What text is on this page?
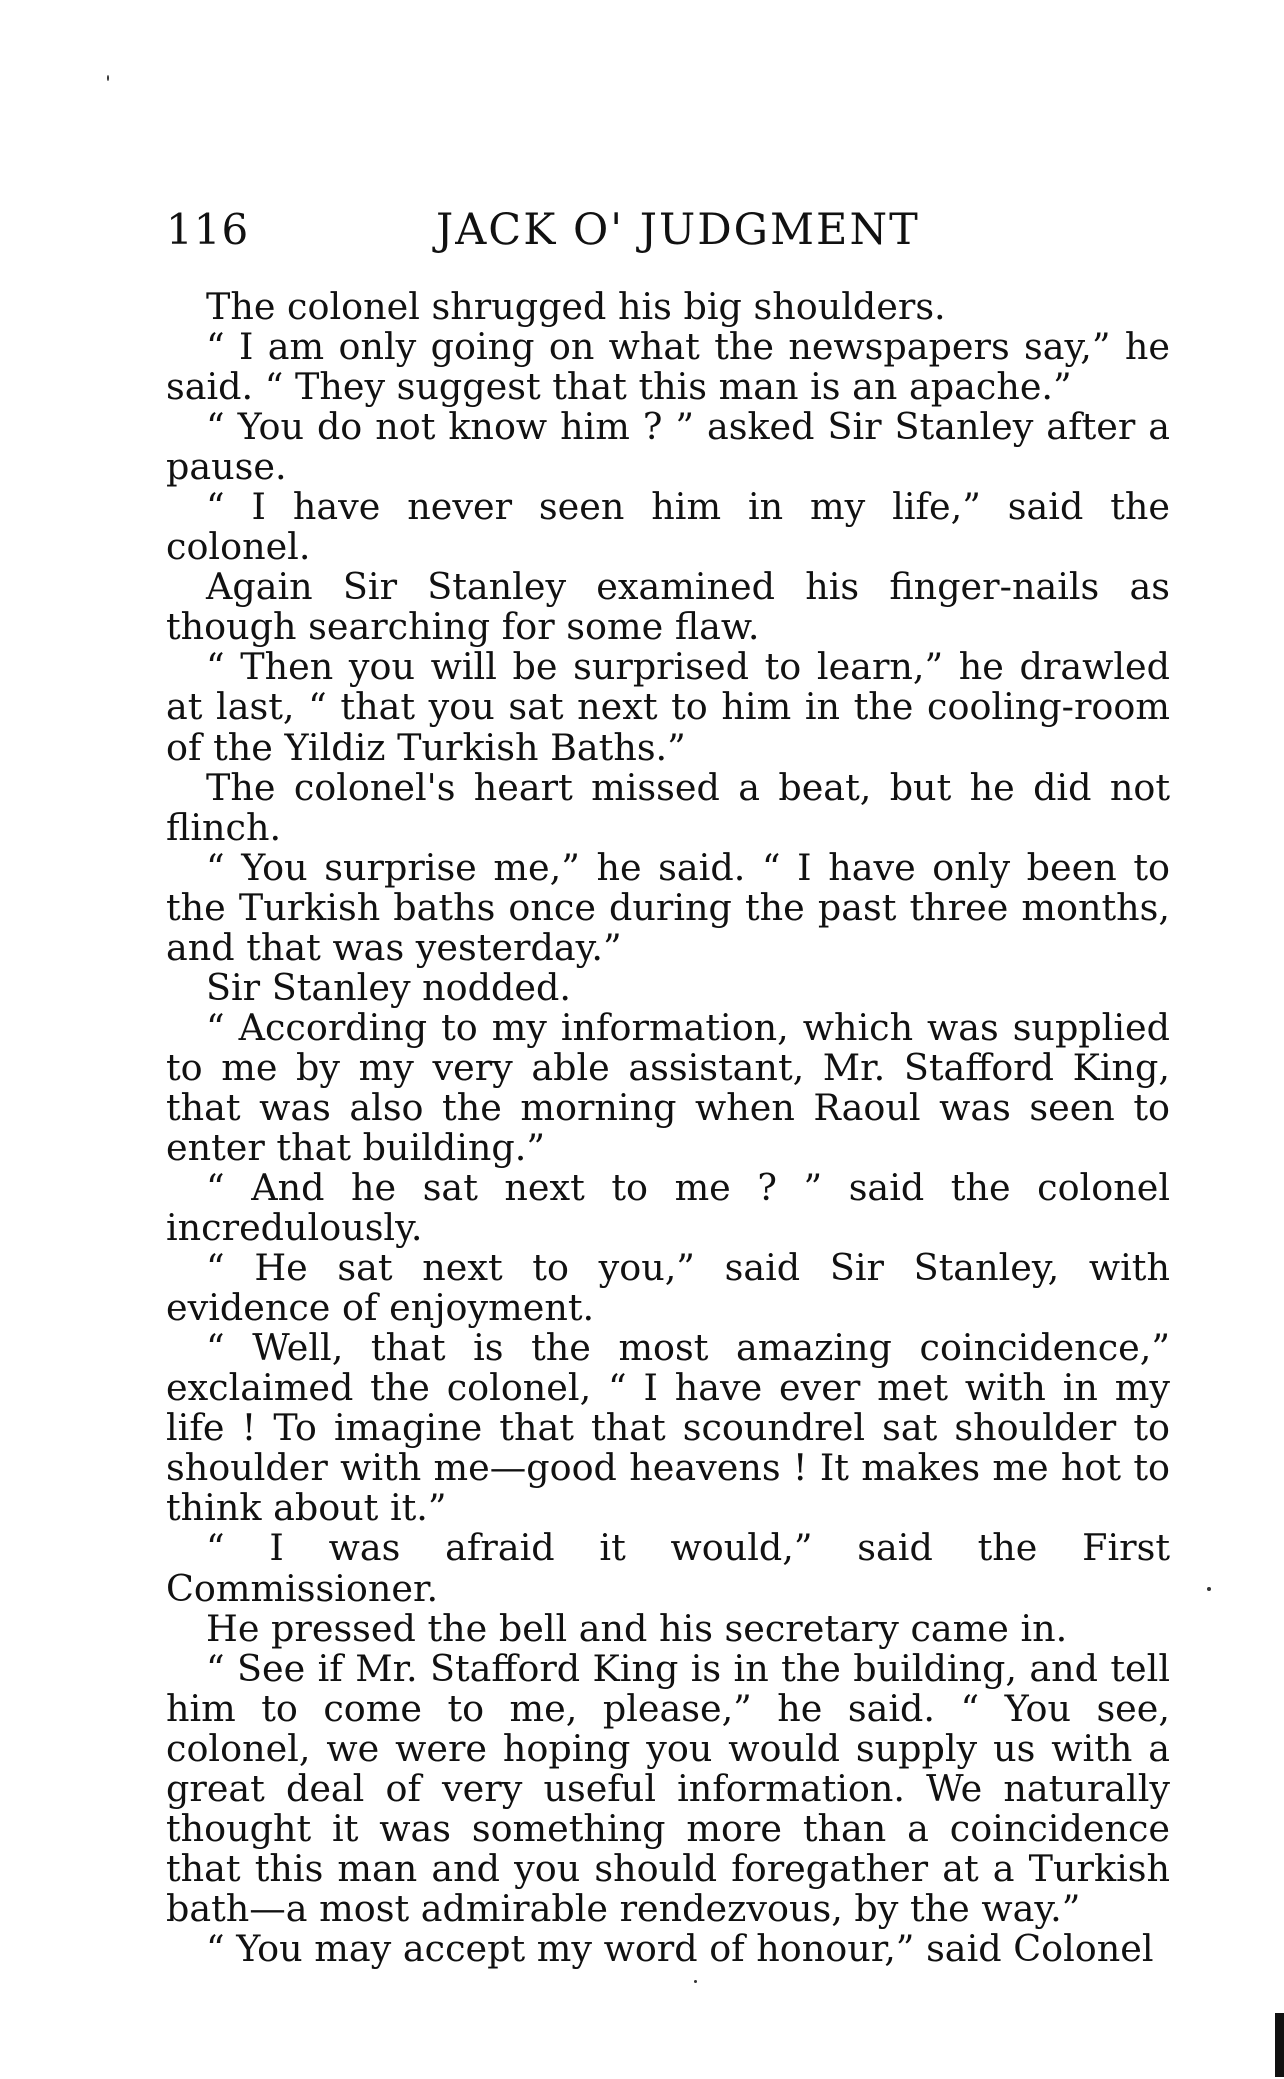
116	JACK O' JUDGMENT

The colonel shrugged his big shoulders.

“ I am only going on what the newspapers say,” he said. “ They suggest that this man is an apache.”

“ You do not know him ? ” asked Sir Stanley after a pause.

“ I have never seen him in my life,” said the colonel.

Again Sir Stanley examined his finger-nails as though searching for some flaw.

“ Then you will be surprised to learn,” he drawled at last, “ that you sat next to him in the cooling-room of the Yildiz Turkish Baths.”

The colonel's heart missed a beat, but he did not flinch.

“ You surprise me,” he said. “ I have only been to the Turkish baths once during the past three months, and that was yesterday.”

Sir Stanley nodded.

“ According to my information, which was supplied to me by my very able assistant, Mr. Stafford King, that was also the morning when Raoul was seen to enter that building.”

“ And he sat next to me ? ” said the colonel incredulously.

“ He sat next to you,” said Sir Stanley, with evidence of enjoyment.

“ Well, that is the most amazing coincidence,” exclaimed the colonel, “ I have ever met with in my life ! To imagine that that scoundrel sat shoulder to shoulder with me—good heavens ! It makes me hot to think about it.”

“ I was afraid it would,” said the First Commissioner.

He pressed the bell and his secretary came in.

“ See if Mr. Stafford King is in the building, and tell him to come to me, please,” he said. “ You see, colonel, we were hoping you would supply us with a great deal of very useful information. We naturally thought it was something more than a coincidence that this man and you should foregather at a Turkish bath—a most admirable rendezvous, by the way.”

“ You may accept my word of honour,” said Colonel
